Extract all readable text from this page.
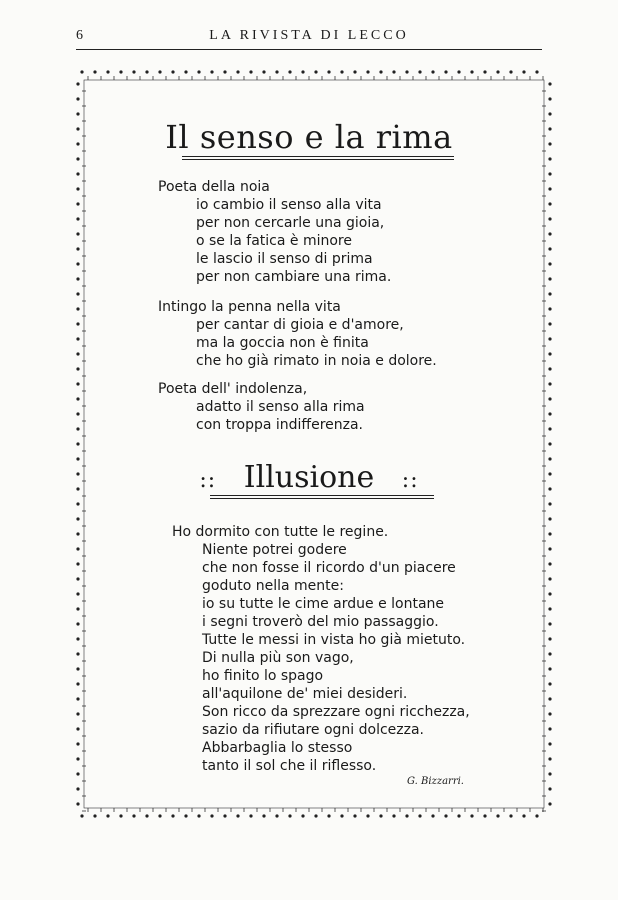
6	LA RIVISTA DI LECCO
Il senso e la rima
Poeta della noia
io cambio il senso alla vita
per non cercarle una gioia,
o se la fatica è minore
le lascio il senso di prima
per non cambiare una rima.
Intingo la penna nella vita
per cantar di gioia e d'amore,
ma la goccia non è finita
che ho già rimato in noia e dolore.
Poeta dell' indolenza,
adatto il senso alla rima
con troppa indifferenza.
:: Illusione ::
Ho dormito con tutte le regine.
Niente potrei godere
che non fosse il ricordo d'un piacere
goduto nella mente:
io su tutte le cime ardue e lontane
i segni troverò del mio passaggio.
Tutte le messi in vista ho già mietuto.
Di nulla più son vago,
ho finito lo spago
all'aquilone de' miei desideri.
Son ricco da sprezzare ogni ricchezza,
sazio da rifiutare ogni dolcezza.
Abbarbaglia lo stesso
tanto il sol che il riflesso.
G. Bizzarri.
